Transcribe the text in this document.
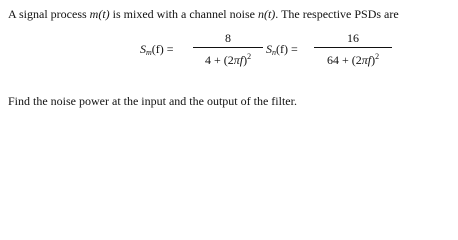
A signal process m(t) is mixed with a channel noise n(t). The respective PSDs are
$S_m(f)$ =
8
$4 + (2\pi f)^2$
$S_n(f)$ =
16
$64 + (2\pi f)^2$
Find the noise power at the input and the output of the filter.
